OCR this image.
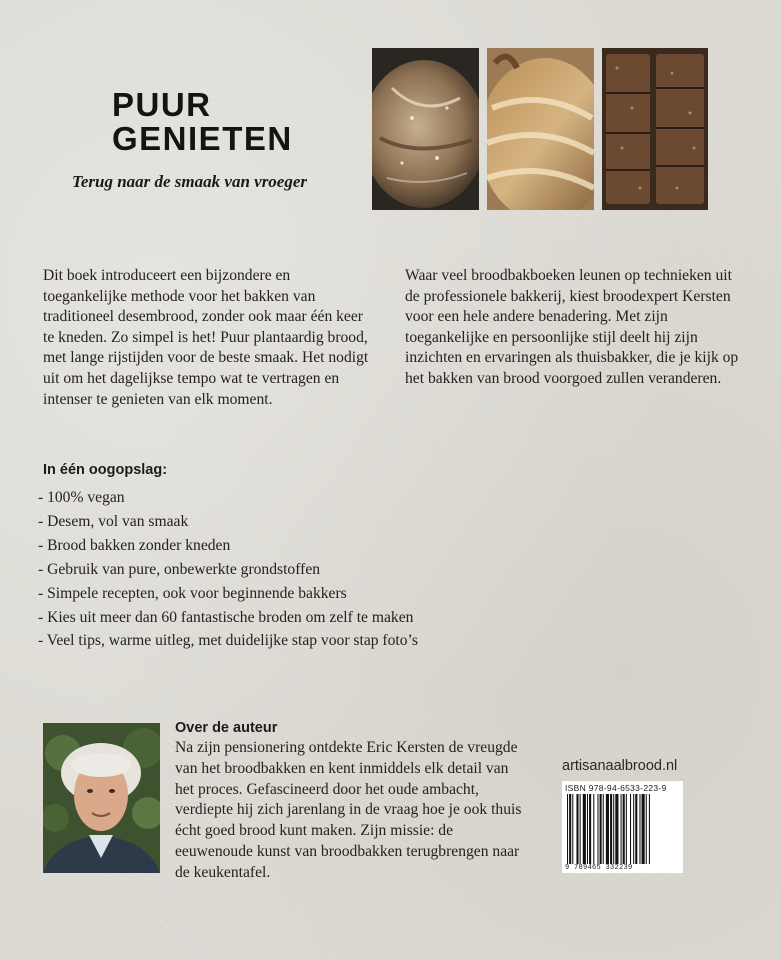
PUUR
GENIETEN
Terug naar de smaak van vroeger

Dit boek introduceert een bijzondere en toegankelijke methode voor het bakken van traditioneel desembrood, zonder ook maar één keer te kneden. Zo simpel is het! Puur plantaardig brood, met lange rijstijden voor de beste smaak. Het nodigt uit om het dagelijkse tempo wat te vertragen en intenser te genieten van elk moment.

Waar veel broodbakboeken leunen op technieken uit de professionele bakkerij, kiest broodexpert Kersten voor een hele andere benadering. Met zijn toegankelijke en persoonlijke stijl deelt hij zijn inzichten en ervaringen als thuisbakker, die je kijk op het bakken van brood voorgoed zullen veranderen.

In één oogopslag:
- 100% vegan
- Desem, vol van smaak
- Brood bakken zonder kneden
- Gebruik van pure, onbewerkte grondstoffen
- Simpele recepten, ook voor beginnende bakkers
- Kies uit meer dan 60 fantastische broden om zelf te maken
- Veel tips, warme uitleg, met duidelijke stap voor stap foto’s
Over de auteur

Na zijn pensionering ontdekte Eric Kersten de vreugde van het broodbakken en kent inmiddels elk detail van het proces. Gefascineerd door het oude ambacht, verdiepte hij zich jarenlang in de vraag hoe je ook thuis écht goed brood kunt maken. Zijn missie: de eeuwenoude kunst van broodbakken terugbrengen naar de keukentafel.

artisanaalbrood.nl
ISBN 978-94-6533-223-9
9 789465 332239
